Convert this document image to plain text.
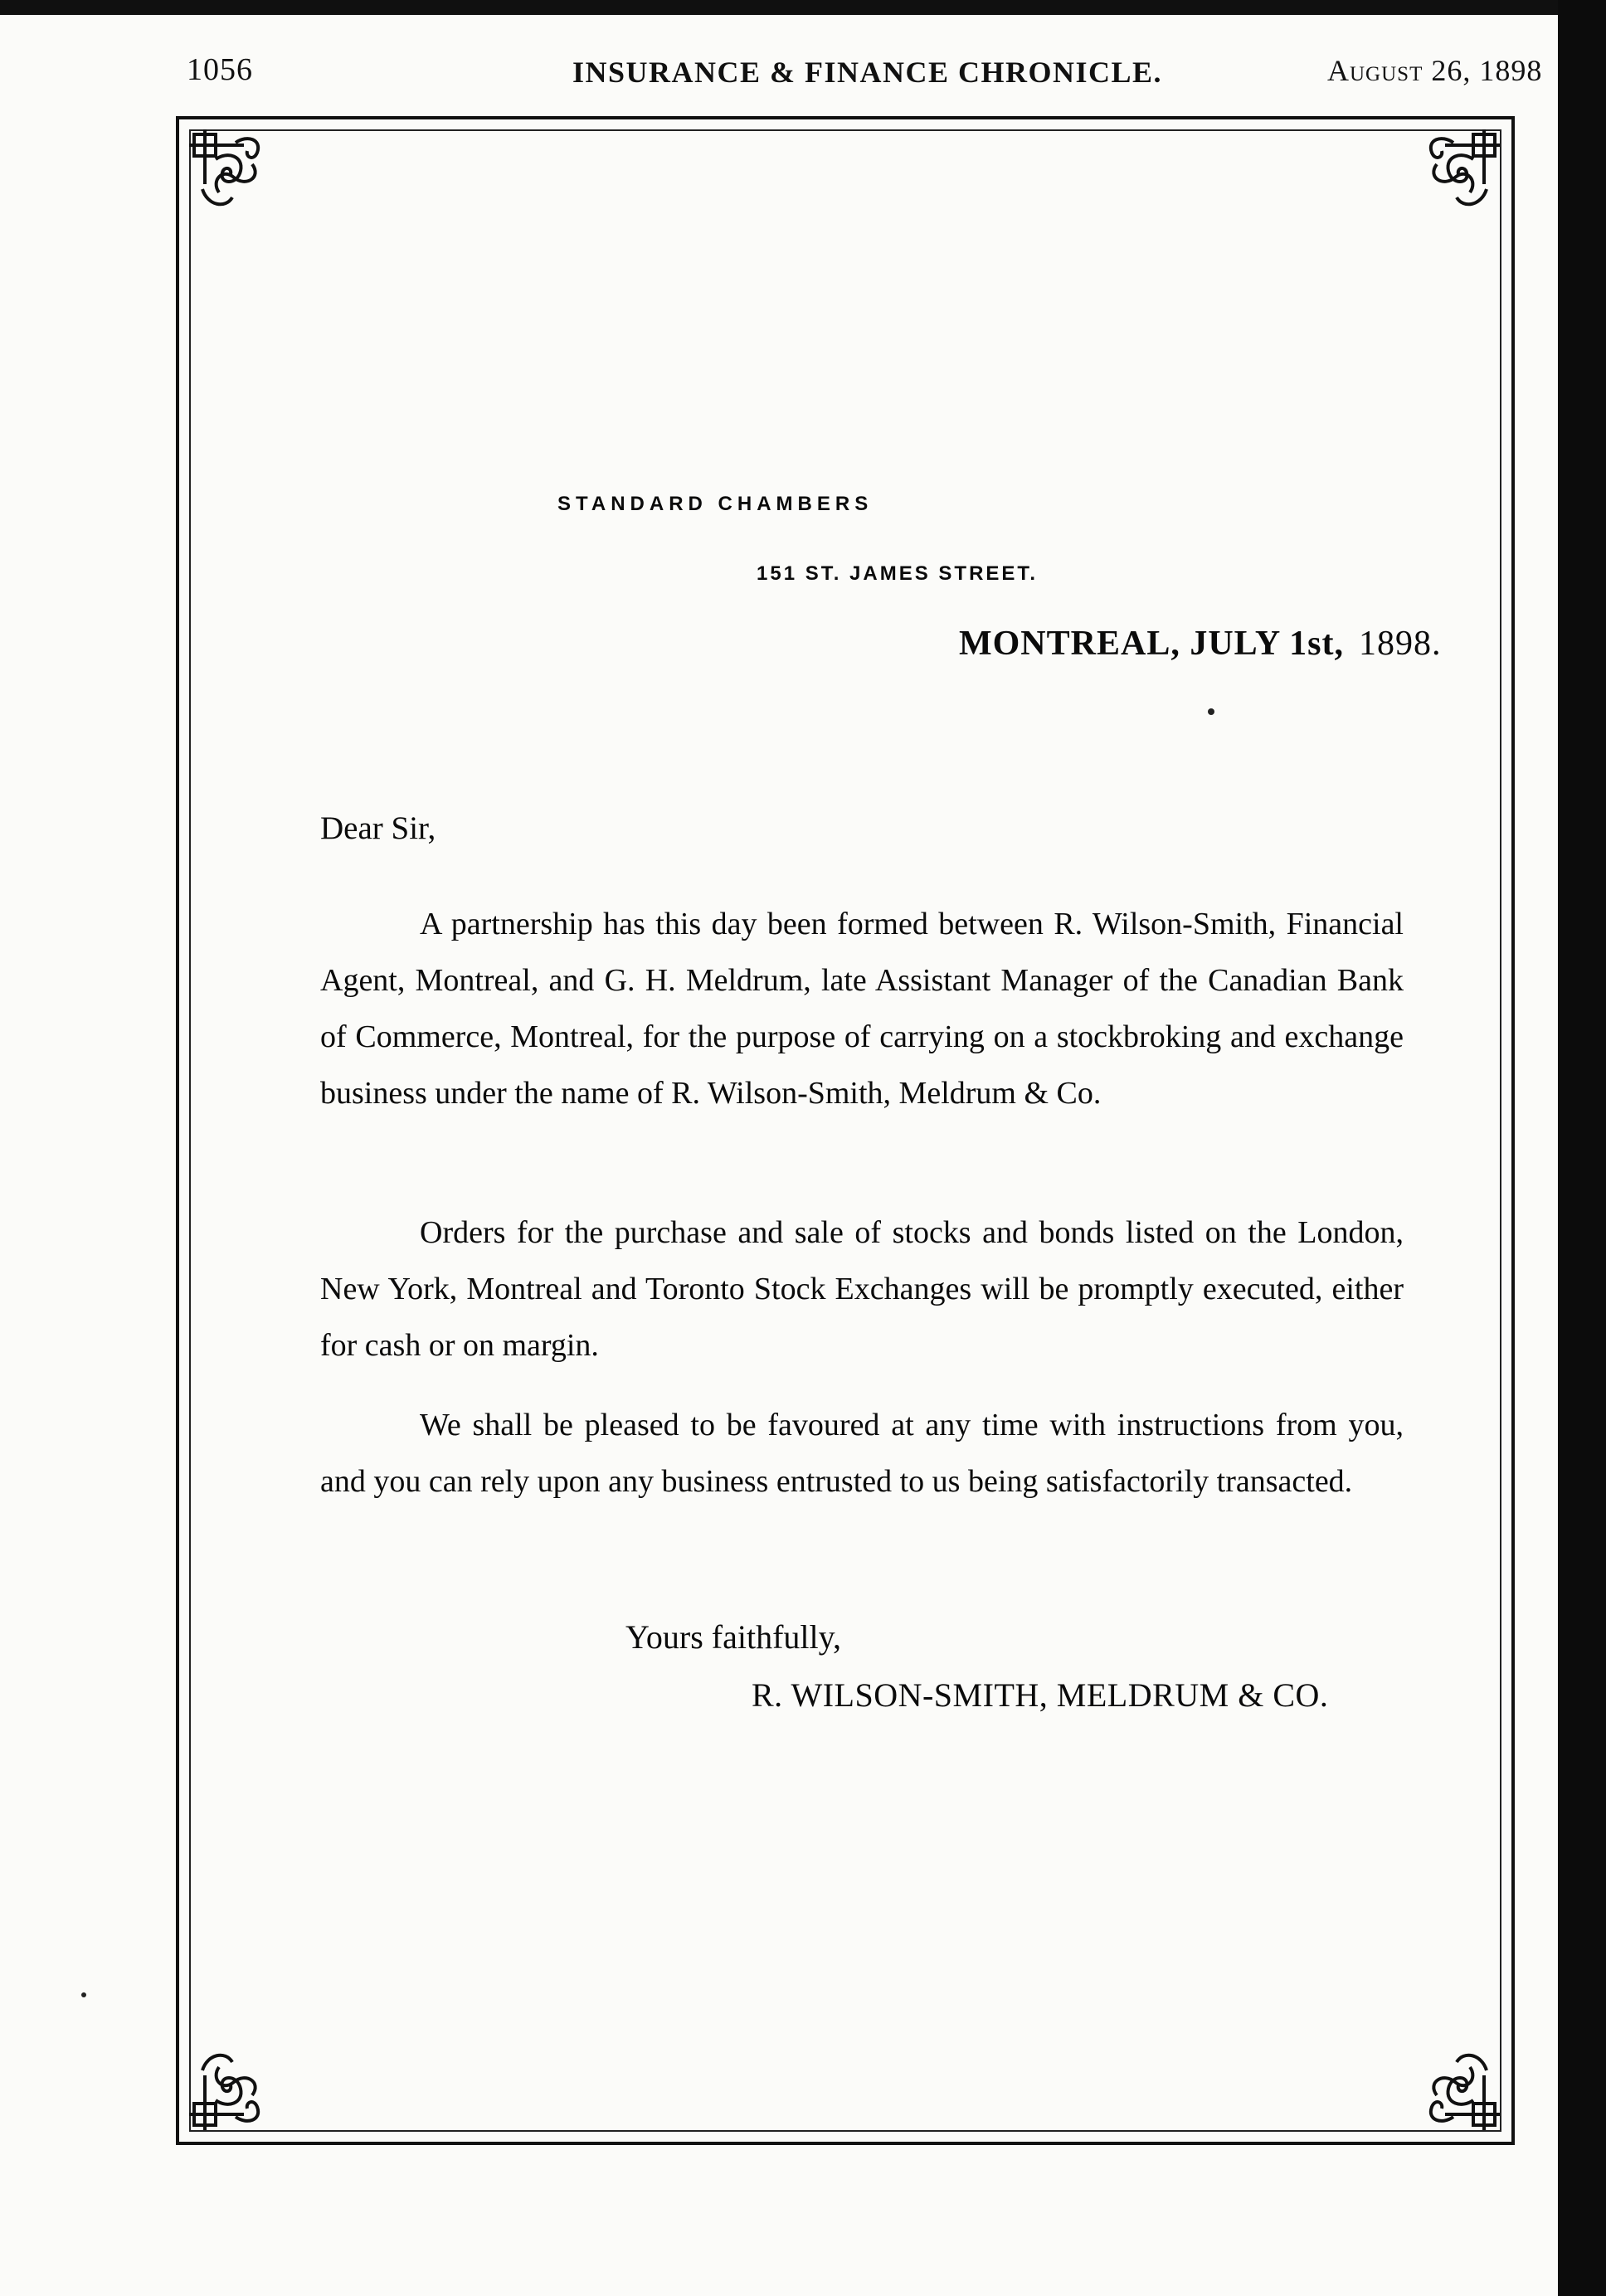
1056	INSURANCE & FINANCE CHRONICLE.	August 26, 1898
STANDARD CHAMBERS
151 ST. JAMES STREET.
MONTREAL, JULY 1st, 1898.
Dear Sir,
A partnership has this day been formed between R. Wilson-Smith, Financial Agent, Montreal, and G. H. Meldrum, late Assistant Manager of the Canadian Bank of Commerce, Montreal, for the purpose of carrying on a stockbroking and exchange business under the name of R. Wilson-Smith, Meldrum & Co.
Orders for the purchase and sale of stocks and bonds listed on the London, New York, Montreal and Toronto Stock Exchanges will be promptly executed, either for cash or on margin.
We shall be pleased to be favoured at any time with instructions from you, and you can rely upon any business entrusted to us being satisfactorily transacted.
Yours faithfully,
R. WILSON-SMITH, MELDRUM & CO.
